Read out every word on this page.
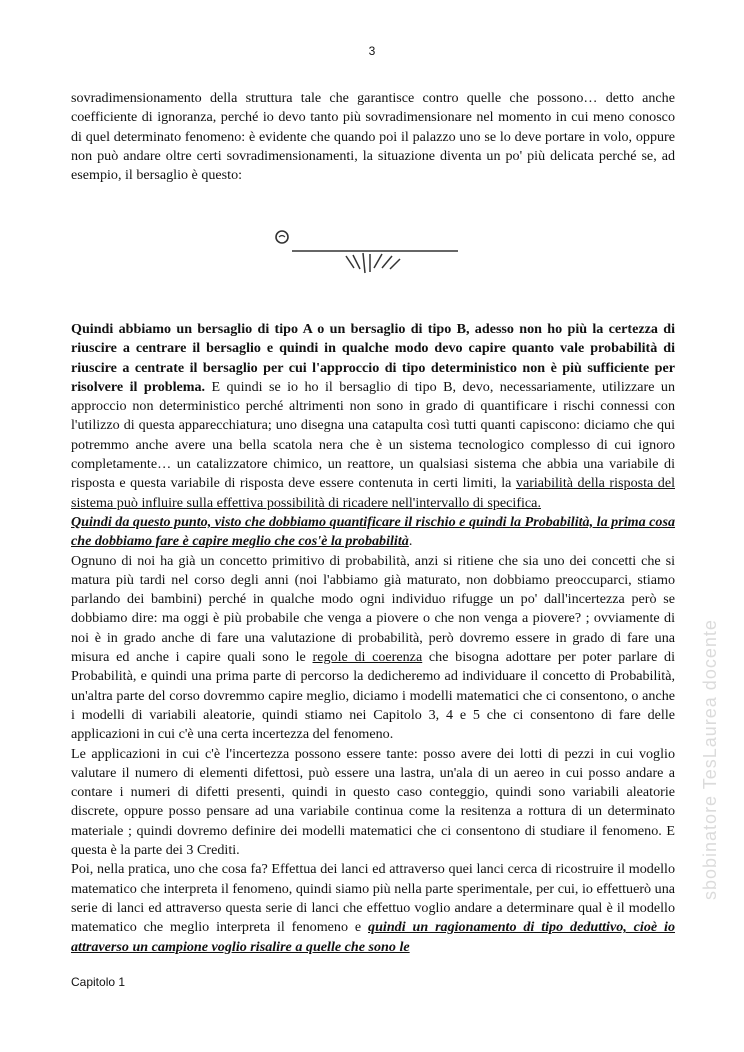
3

sovradimensionamento della struttura tale che garantisce contro quelle che possono… detto anche coefficiente di ignoranza, perché io devo tanto più sovradimensionare nel momento in cui meno conosco di quel determinato fenomeno: è evidente che quando poi il palazzo uno se lo deve portare in volo, oppure non può andare oltre certi sovradimensionamenti, la situazione diventa un po' più delicata perché se, ad esempio, il bersaglio è questo:

Quindi abbiamo un bersaglio di tipo A o un bersaglio di tipo B, adesso non ho più la certezza di riuscire a centrare il bersaglio e quindi in qualche modo devo capire quanto vale probabilità di riuscire a centrate il bersaglio per cui l'approccio di tipo deterministico non è più sufficiente per risolvere il problema. E quindi se io ho il bersaglio di tipo B, devo, necessariamente, utilizzare un approccio non deterministico perché altrimenti non sono in grado di quantificare i rischi connessi con l'utilizzo di questa apparecchiatura; uno disegna una catapulta così tutti quanti capiscono: diciamo che qui potremmo anche avere una bella scatola nera che è un sistema tecnologico complesso di cui ignoro completamente… un catalizzatore chimico, un reattore, un qualsiasi sistema che abbia una variabile di risposta e questa variabile di risposta deve essere contenuta in certi limiti, la variabilità della risposta del sistema può influire sulla effettiva possibilità di ricadere nell'intervallo di specifica.

Quindi da questo punto, visto che dobbiamo quantificare il rischio e quindi la Probabilità, la prima cosa che dobbiamo fare è capire meglio che cos'è la probabilità.

Ognuno di noi ha già un concetto primitivo di probabilità, anzi si ritiene che sia uno dei concetti che si matura più tardi nel corso degli anni (noi l'abbiamo già maturato, non dobbiamo preoccuparci, stiamo parlando dei bambini) perché in qualche modo ogni individuo rifugge un po' dall'incertezza però se dobbiamo dire: ma oggi è più probabile che venga a piovere o che non venga a piovere? ; ovviamente di noi è in grado anche di fare una valutazione di probabilità, però dovremo essere in grado di fare una misura ed anche i capire quali sono le regole di coerenza che bisogna adottare per poter parlare di Probabilità, e quindi una prima parte di percorso la dedicheremo ad individuare il concetto di Probabilità, un'altra parte del corso dovremmo capire meglio, diciamo i modelli matematici che ci consentono, o anche i modelli di variabili aleatorie, quindi stiamo nei Capitolo 3, 4 e 5 che ci consentono di fare delle applicazioni in cui c'è una certa incertezza del fenomeno.

Le applicazioni in cui c'è l'incertezza possono essere tante: posso avere dei lotti di pezzi in cui voglio valutare il numero di elementi difettosi, può essere una lastra, un'ala di un aereo in cui posso andare a contare i numeri di difetti presenti, quindi in questo caso conteggio, quindi sono variabili aleatorie discrete, oppure posso pensare ad una variabile continua come la resitenza a rottura di un determinato materiale ; quindi dovremo definire dei modelli matematici che ci consentono di studiare il fenomeno. E questa è la parte dei 3 Crediti.

Poi, nella pratica, uno che cosa fa? Effettua dei lanci ed attraverso quei lanci cerca di ricostruire il modello matematico che interpreta il fenomeno, quindi siamo più nella parte sperimentale, per cui, io effettuerò una serie di lanci ed attraverso questa serie di lanci che effettuo voglio andare a determinare qual è il modello matematico che meglio interpreta il fenomeno e quindi un ragionamento di tipo deduttivo, cioè io attraverso un campione voglio risalire a quelle che sono le

Capitolo 1
sbobinatore TesLaurea docente
